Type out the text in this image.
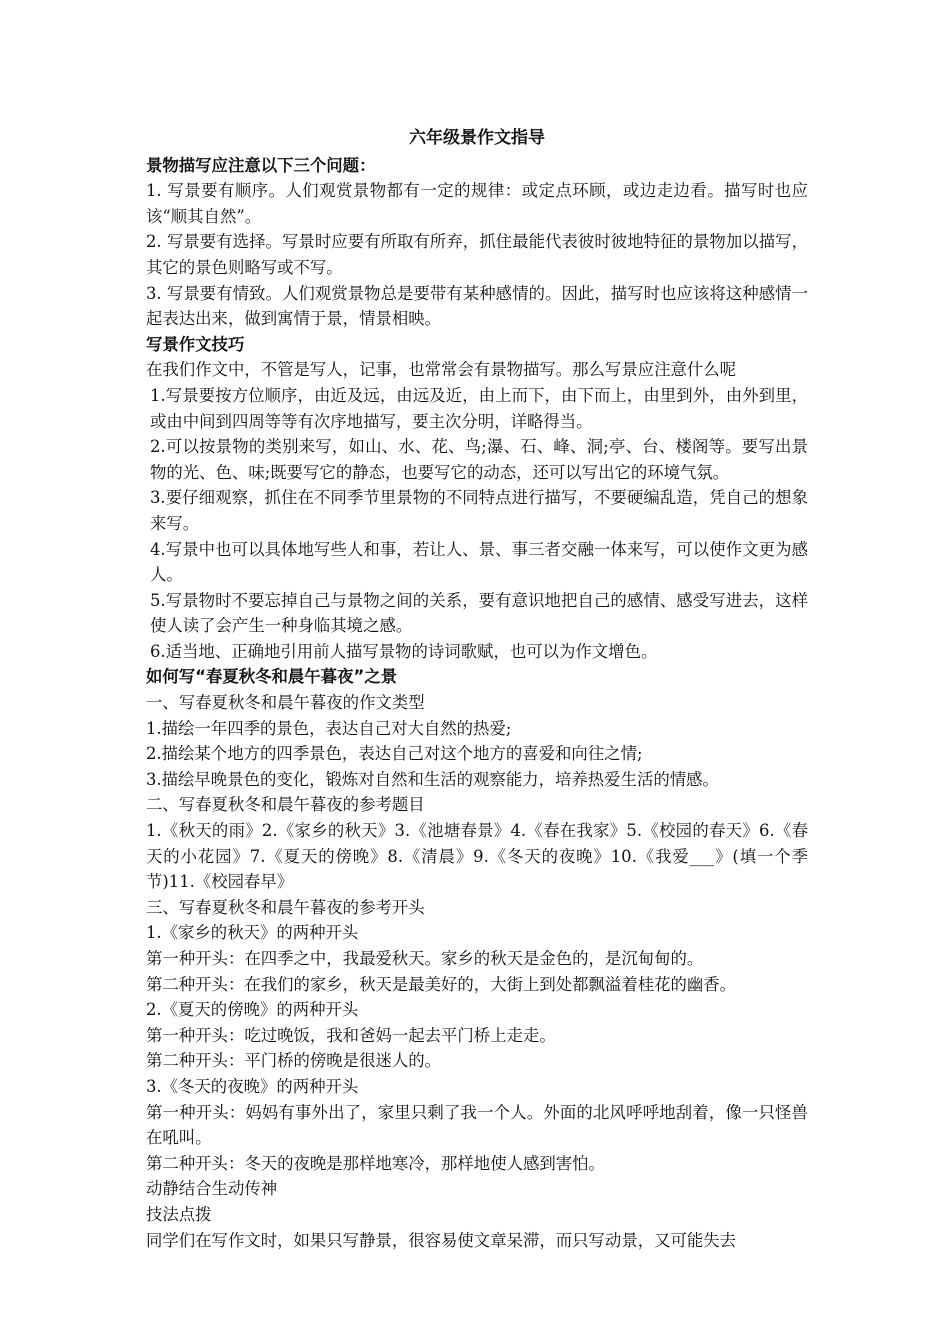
六年级景作文指导
景物描写应注意以下三个问题：
1. 写景要有顺序。人们观赏景物都有一定的规律：或定点环顾，或边走边看。描写时也应该“顺其自然”。
2. 写景要有选择。写景时应要有所取有所弃，抓住最能代表彼时彼地特征的景物加以描写，其它的景色则略写或不写。
3. 写景要有情致。人们观赏景物总是要带有某种感情的。因此，描写时也应该将这种感情一起表达出来，做到寓情于景，情景相映。
写景作文技巧
在我们作文中，不管是写人，记事，也常常会有景物描写。那么写景应注意什么呢
1.写景要按方位顺序，由近及远，由远及近，由上而下，由下而上，由里到外，由外到里，或由中间到四周等等有次序地描写，要主次分明，详略得当。
2.可以按景物的类别来写，如山、水、花、鸟;瀑、石、峰、洞;亭、台、楼阁等。要写出景物的光、色、味;既要写它的静态，也要写它的动态，还可以写出它的环境气氛。
3.要仔细观察，抓住在不同季节里景物的不同特点进行描写，不要硬编乱造，凭自己的想象来写。
4.写景中也可以具体地写些人和事，若让人、景、事三者交融一体来写，可以使作文更为感人。
5.写景物时不要忘掉自己与景物之间的关系，要有意识地把自己的感情、感受写进去，这样使人读了会产生一种身临其境之感。
6.适当地、正确地引用前人描写景物的诗词歌赋，也可以为作文增色。
如何写“春夏秋冬和晨午暮夜”之景
一、写春夏秋冬和晨午暮夜的作文类型
1.描绘一年四季的景色，表达自己对大自然的热爱;
2.描绘某个地方的四季景色，表达自己对这个地方的喜爱和向往之情;
3.描绘早晚景色的变化，锻炼对自然和生活的观察能力，培养热爱生活的情感。
二、写春夏秋冬和晨午暮夜的参考题目
1.《秋天的雨》2.《家乡的秋天》3.《池塘春景》4.《春在我家》5.《校园的春天》6.《春天的小花园》7.《夏天的傍晚》8.《清晨》9.《冬天的夜晚》10.《我爱___》(填一个季节)11.《校园春早》
三、写春夏秋冬和晨午暮夜的参考开头
1.《家乡的秋天》的两种开头
第一种开头：在四季之中，我最爱秋天。家乡的秋天是金色的，是沉甸甸的。
第二种开头：在我们的家乡，秋天是最美好的，大街上到处都飘溢着桂花的幽香。
2.《夏天的傍晚》的两种开头
第一种开头：吃过晚饭，我和爸妈一起去平门桥上走走。
第二种开头：平门桥的傍晚是很迷人的。
3.《冬天的夜晚》的两种开头
第一种开头：妈妈有事外出了，家里只剩了我一个人。外面的北风呼呼地刮着，像一只怪兽在吼叫。
第二种开头：冬天的夜晚是那样地寒冷，那样地使人感到害怕。
动静结合生动传神
技法点拨
同学们在写作文时，如果只写静景，很容易使文章呆滞，而只写动景，又可能失去
